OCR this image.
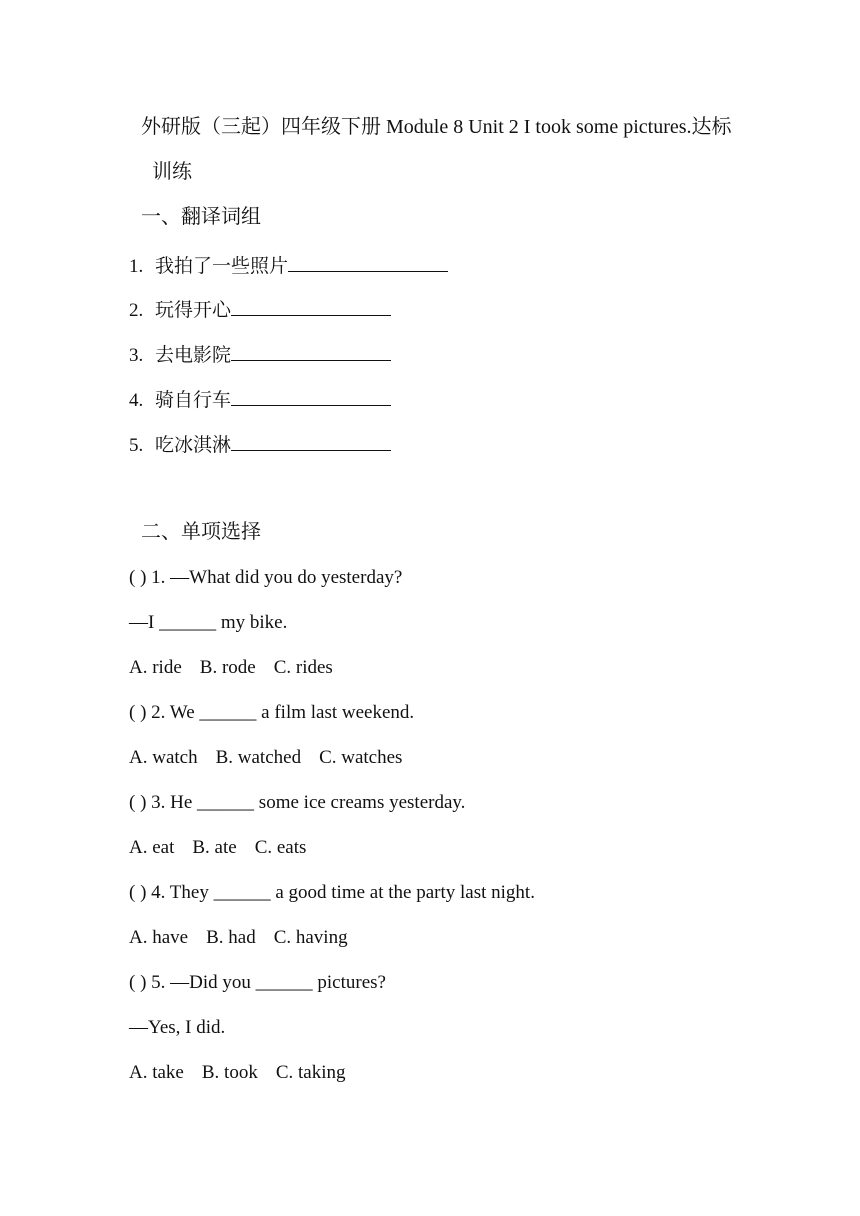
外研版（三起）四年级下册 Module 8 Unit 2 I took some pictures.达标
训练
一、翻译词组
1. 我拍了一些照片
2. 玩得开心
3. 去电影院
4. 骑自行车
5. 吃冰淇淋
二、单项选择
( ) 1. —What did you do yesterday?
—I ______ my bike.
A. ride B. rode C. rides
( ) 2. We ______ a film last weekend.
A. watch B. watched C. watches
( ) 3. He ______ some ice creams yesterday.
A. eat B. ate C. eats
( ) 4. They ______ a good time at the party last night.
A. have B. had C. having
( ) 5. —Did you ______ pictures?
—Yes, I did.
A. take B. took C. taking
